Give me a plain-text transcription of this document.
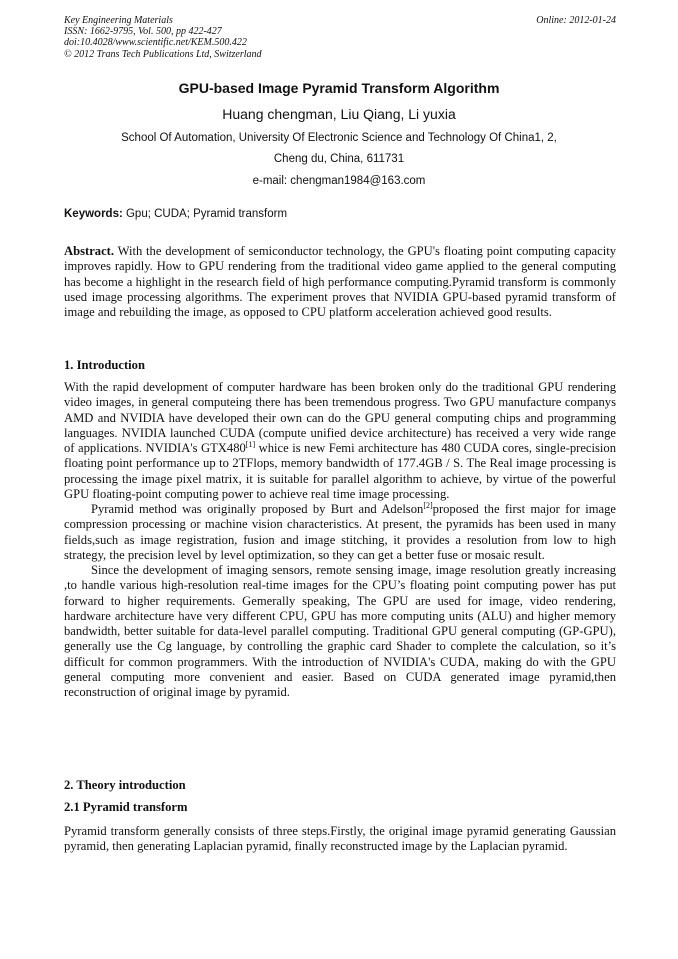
Key Engineering Materials
ISSN: 1662-9795, Vol. 500, pp 422-427
doi:10.4028/www.scientific.net/KEM.500.422
© 2012 Trans Tech Publications Ltd, Switzerland
Online: 2012-01-24
GPU-based Image Pyramid Transform Algorithm
Huang chengman, Liu Qiang, Li yuxia
School Of Automation, University Of Electronic Science and Technology Of China1, 2,
Cheng du, China, 611731
e-mail: chengman1984@163.com
Keywords: Gpu; CUDA; Pyramid transform

Abstract. With the development of semiconductor technology, the GPU's floating point computing capacity improves rapidly. How to GPU rendering from the traditional video game applied to the general computing has become a highlight in the research field of high performance computing.Pyramid transform is commonly used image processing algorithms. The experiment proves that NVIDIA GPU-based pyramid transform of image and rebuilding the image, as opposed to CPU platform acceleration achieved good results.

1. Introduction

With the rapid development of computer hardware has been broken only do the traditional GPU rendering video images, in general computeing there has been tremendous progress. Two GPU manufacture companys AMD and NVIDIA have developed their own can do the GPU general computing chips and programming languages. NVIDIA launched CUDA (compute unified device architecture) has received a very wide range of applications. NVIDIA's GTX480[1] whice is new Femi architecture has 480 CUDA cores, single-precision floating point performance up to 2TFlops, memory bandwidth of 177.4GB / S. The Real image processing is processing the image pixel matrix, it is suitable for parallel algorithm to achieve, by virtue of the powerful GPU floating-point computing power to achieve real time image processing.

Pyramid method was originally proposed by Burt and Adelson[2]proposed the first major for image compression processing or machine vision characteristics. At present, the pyramids has been used in many fields,such as image registration, fusion and image stitching, it provides a resolution from low to high strategy, the precision level by level optimization, so they can get a better fuse or mosaic result.

Since the development of imaging sensors, remote sensing image, image resolution greatly increasing ,to handle various high-resolution real-time images for the CPU’s floating point computing power has put forward to higher requirements. Gemerally speaking, The GPU are used for image, video rendering, hardware architecture have very different CPU, GPU has more computing units (ALU) and higher memory bandwidth, better suitable for data-level parallel computing. Traditional GPU general computing (GP-GPU), generally use the Cg language, by controlling the graphic card Shader to complete the calculation, so it’s difficult for common programmers. With the introduction of NVIDIA's CUDA, making do with the GPU general computing more convenient and easier. Based on CUDA generated image pyramid,then reconstruction of original image by pyramid.

2. Theory introduction
2.1 Pyramid transform

Pyramid transform generally consists of three steps.Firstly, the original image pyramid generating Gaussian pyramid, then generating Laplacian pyramid, finally reconstructed image by the Laplacian pyramid.
